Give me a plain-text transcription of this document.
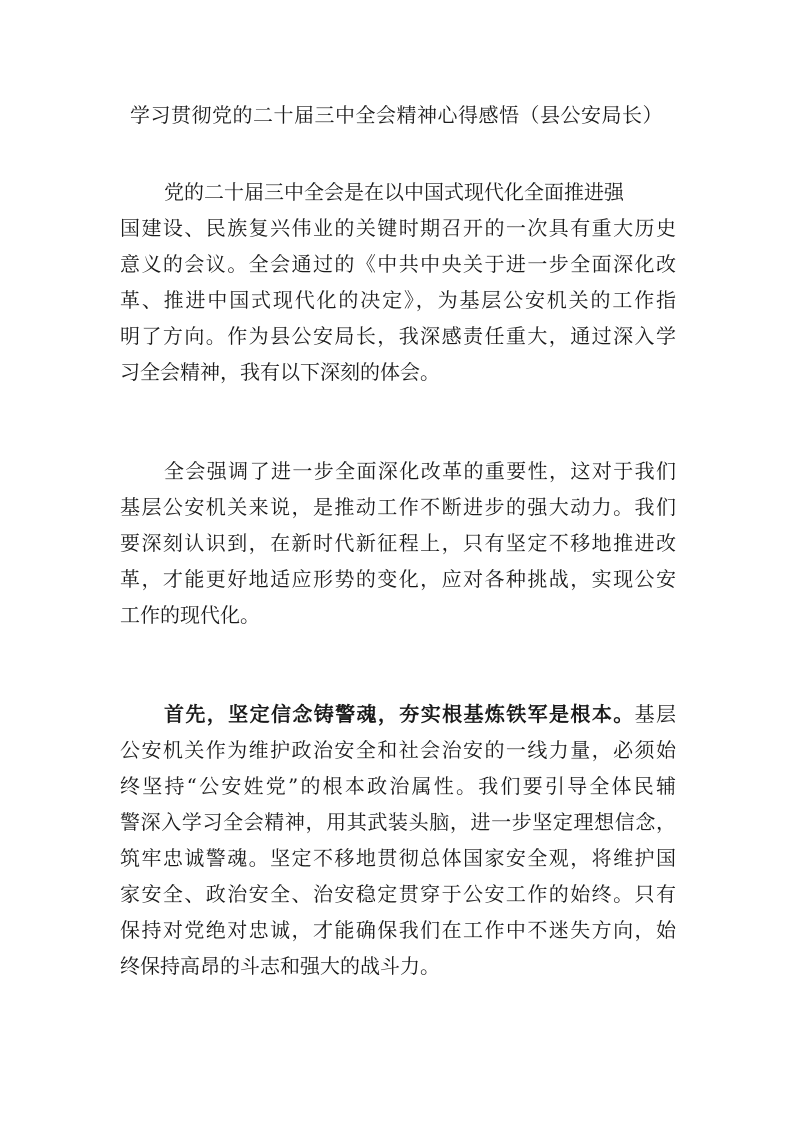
学习贯彻党的二十届三中全会精神心得感悟（县公安局长）
党的二十届三中全会是在以中国式现代化全面推进强
国建设、民族复兴伟业的关键时期召开的一次具有重大历史
意义的会议。全会通过的《中共中央关于进一步全面深化改
革、推进中国式现代化的决定》，为基层公安机关的工作指
明了方向。作为县公安局长，我深感责任重大，通过深入学
习全会精神，我有以下深刻的体会。
全会强调了进一步全面深化改革的重要性，这对于我们
基层公安机关来说，是推动工作不断进步的强大动力。我们
要深刻认识到，在新时代新征程上，只有坚定不移地推进改
革，才能更好地适应形势的变化，应对各种挑战，实现公安
工作的现代化。
首先，坚定信念铸警魂，夯实根基炼铁军是根本。基层
公安机关作为维护政治安全和社会治安的一线力量，必须始
终坚持“公安姓党”的根本政治属性。我们要引导全体民辅
警深入学习全会精神，用其武装头脑，进一步坚定理想信念，
筑牢忠诚警魂。坚定不移地贯彻总体国家安全观，将维护国
家安全、政治安全、治安稳定贯穿于公安工作的始终。只有
保持对党绝对忠诚，才能确保我们在工作中不迷失方向，始
终保持高昂的斗志和强大的战斗力。
